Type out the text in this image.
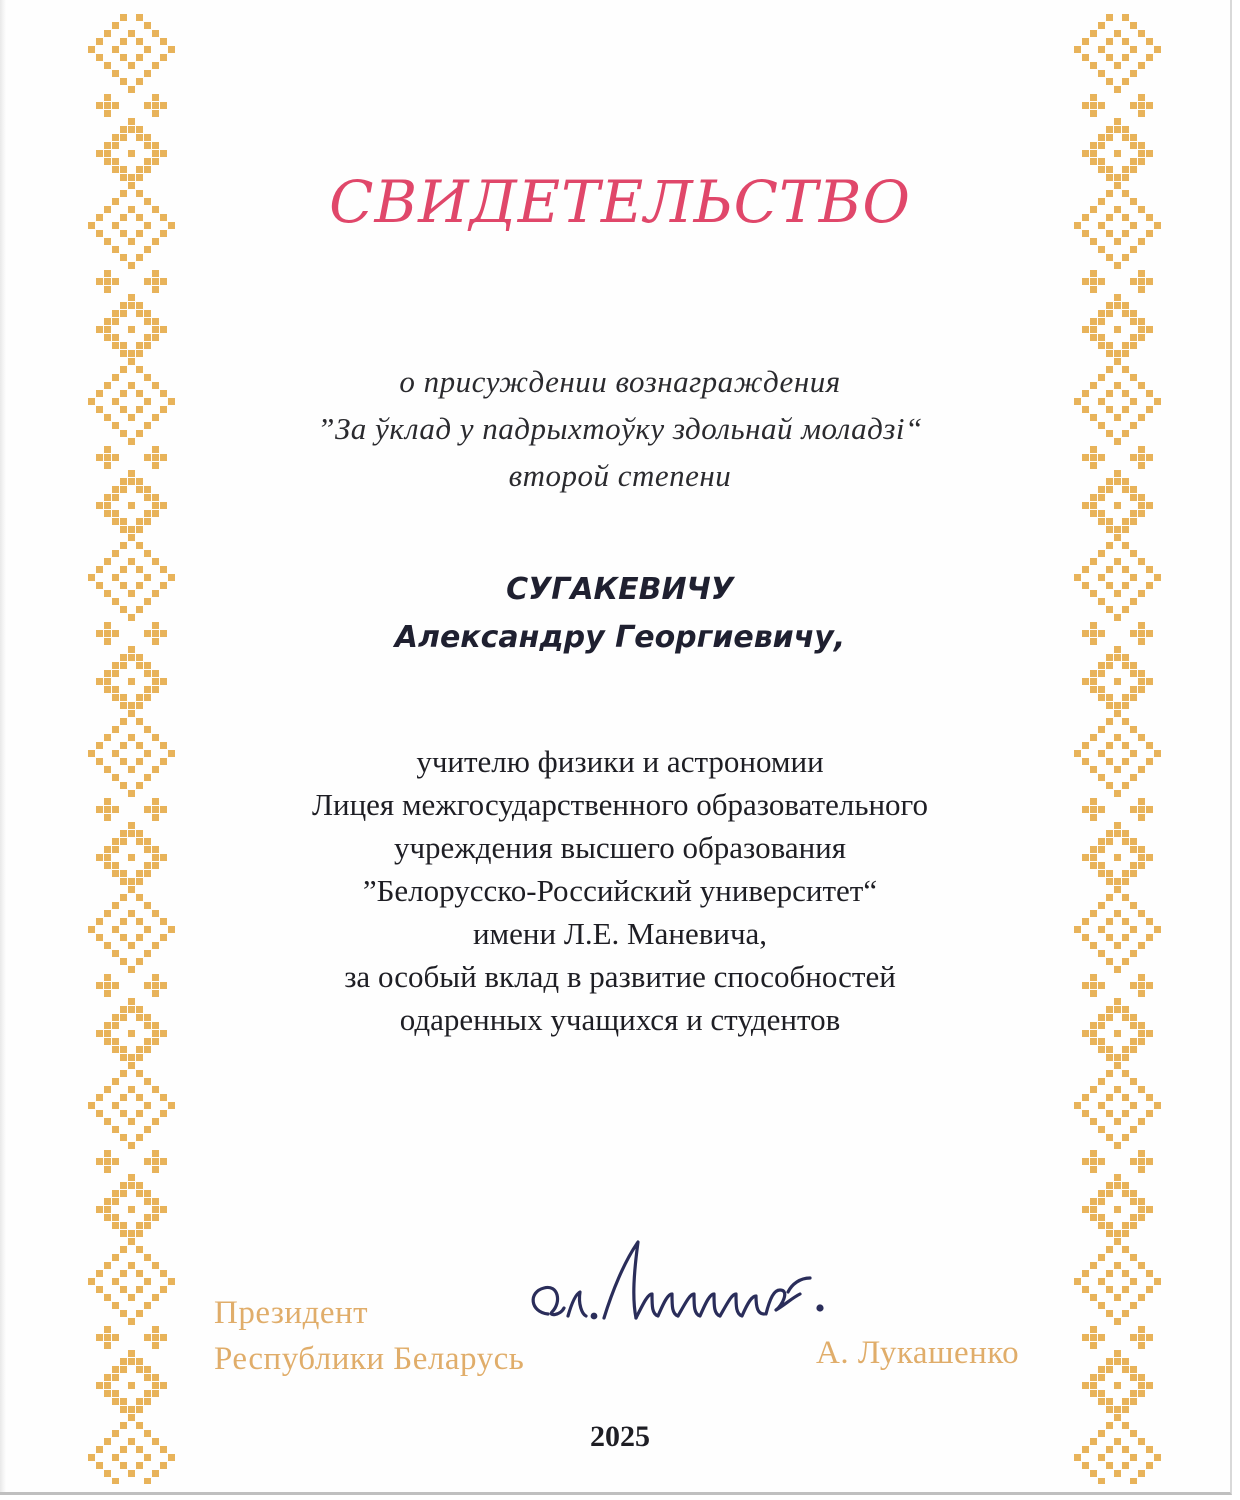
СВИДЕТЕЛЬСТВО
о присуждении вознаграждения
”За ўклад у падрыхтоўку здольнай моладзі“
второй степени
СУГАКЕВИЧУ
Александру Георгиевичу,
учителю физики и астрономии
Лицея межгосударственного образовательного
учреждения высшего образования
”Белорусско-Российский университет“
имени Л.Е. Маневича,
за особый вклад в развитие способностей
одаренных учащихся и студентов
Президент
Республики Беларусь	А. Лукашенко
2025
